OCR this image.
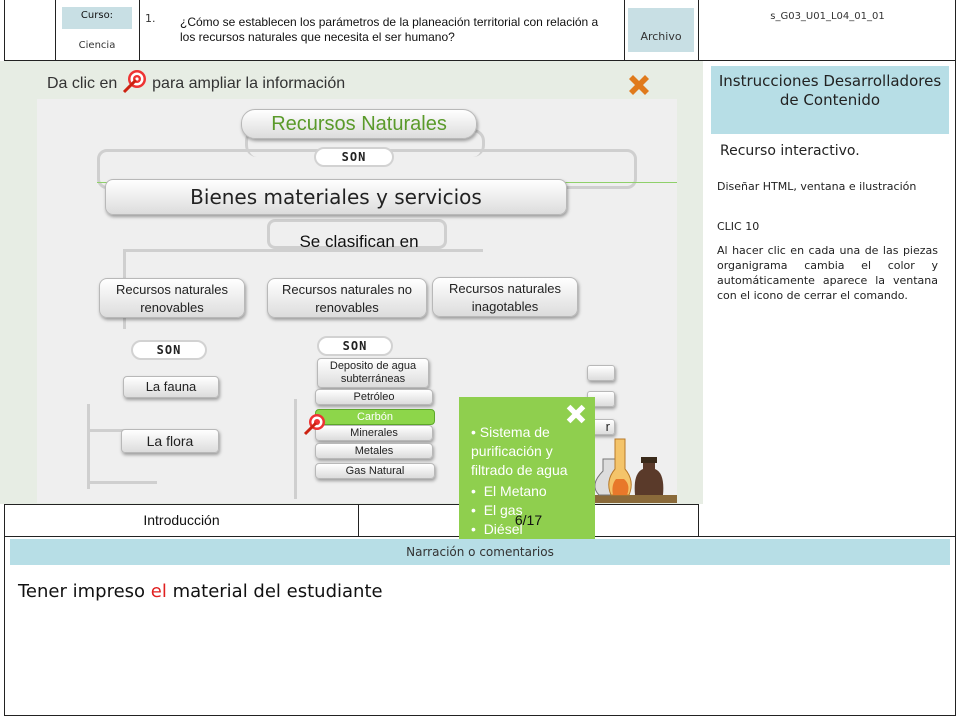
Curso:
Ciencia
1. ¿Cómo se establecen los parámetros de la planeación territorial con relación a los recursos naturales que necesita el ser humano?	Archivo
s_G03_U01_L04_01_01
Da clic en para ampliar la información
Recursos Naturales
SON
Bienes materiales y servicios
Se clasifican en
Recursos naturales renovables
Recursos naturales no renovables
Recursos naturales inagotables
SON	SON
La fauna
La flora
Deposito de agua subterráneas
Petróleo
Carbón
Minerales
Metales
Gas Natural
r
• Sistema de purificación y filtrado de agua
•  El Metano
•  El gas
•  Diésel
Introducción	6/17
Instrucciones Desarrolladores de Contenido
Recurso interactivo.
Diseñar HTML, ventana e ilustración
CLIC 10
Al hacer clic en cada una de las piezas organigrama cambia el color y automáticamente aparece la ventana con el icono de cerrar el comando.
Narración o comentarios
Tener impreso el material del estudiante
